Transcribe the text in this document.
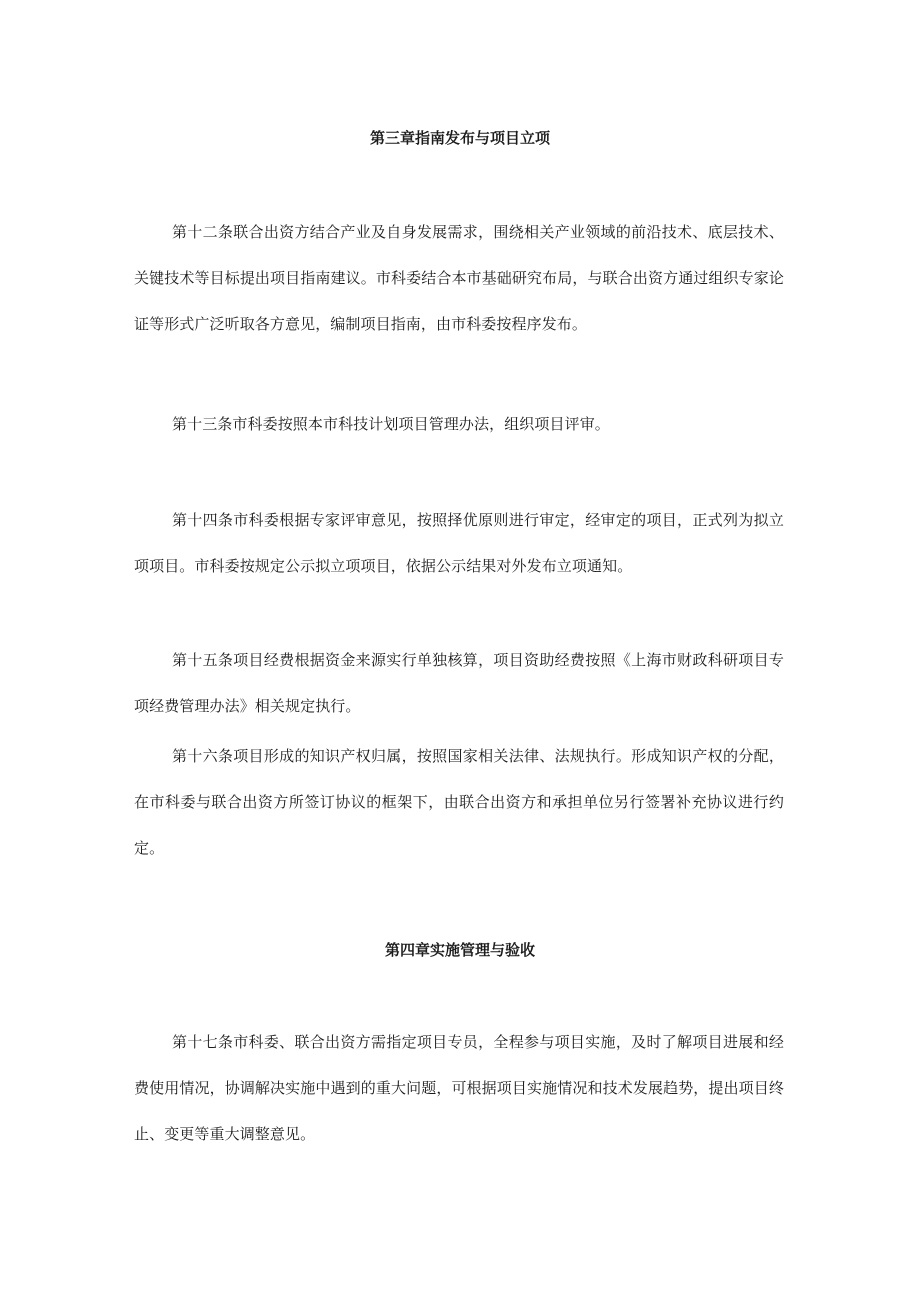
第三章指南发布与项目立项

第十二条联合出资方结合产业及自身发展需求，围绕相关产业领域的前沿技术、底层技术、关键技术等目标提出项目指南建议。市科委结合本市基础研究布局，与联合出资方通过组织专家论证等形式广泛听取各方意见，编制项目指南，由市科委按程序发布。

第十三条市科委按照本市科技计划项目管理办法，组织项目评审。

第十四条市科委根据专家评审意见，按照择优原则进行审定，经审定的项目，正式列为拟立项项目。市科委按规定公示拟立项项目，依据公示结果对外发布立项通知。

第十五条项目经费根据资金来源实行单独核算，项目资助经费按照《上海市财政科研项目专项经费管理办法》相关规定执行。

第十六条项目形成的知识产权归属，按照国家相关法律、法规执行。形成知识产权的分配，在市科委与联合出资方所签订协议的框架下，由联合出资方和承担单位另行签署补充协议进行约定。

第四章实施管理与验收

第十七条市科委、联合出资方需指定项目专员，全程参与项目实施，及时了解项目进展和经费使用情况，协调解决实施中遇到的重大问题，可根据项目实施情况和技术发展趋势，提出项目终止、变更等重大调整意见。
